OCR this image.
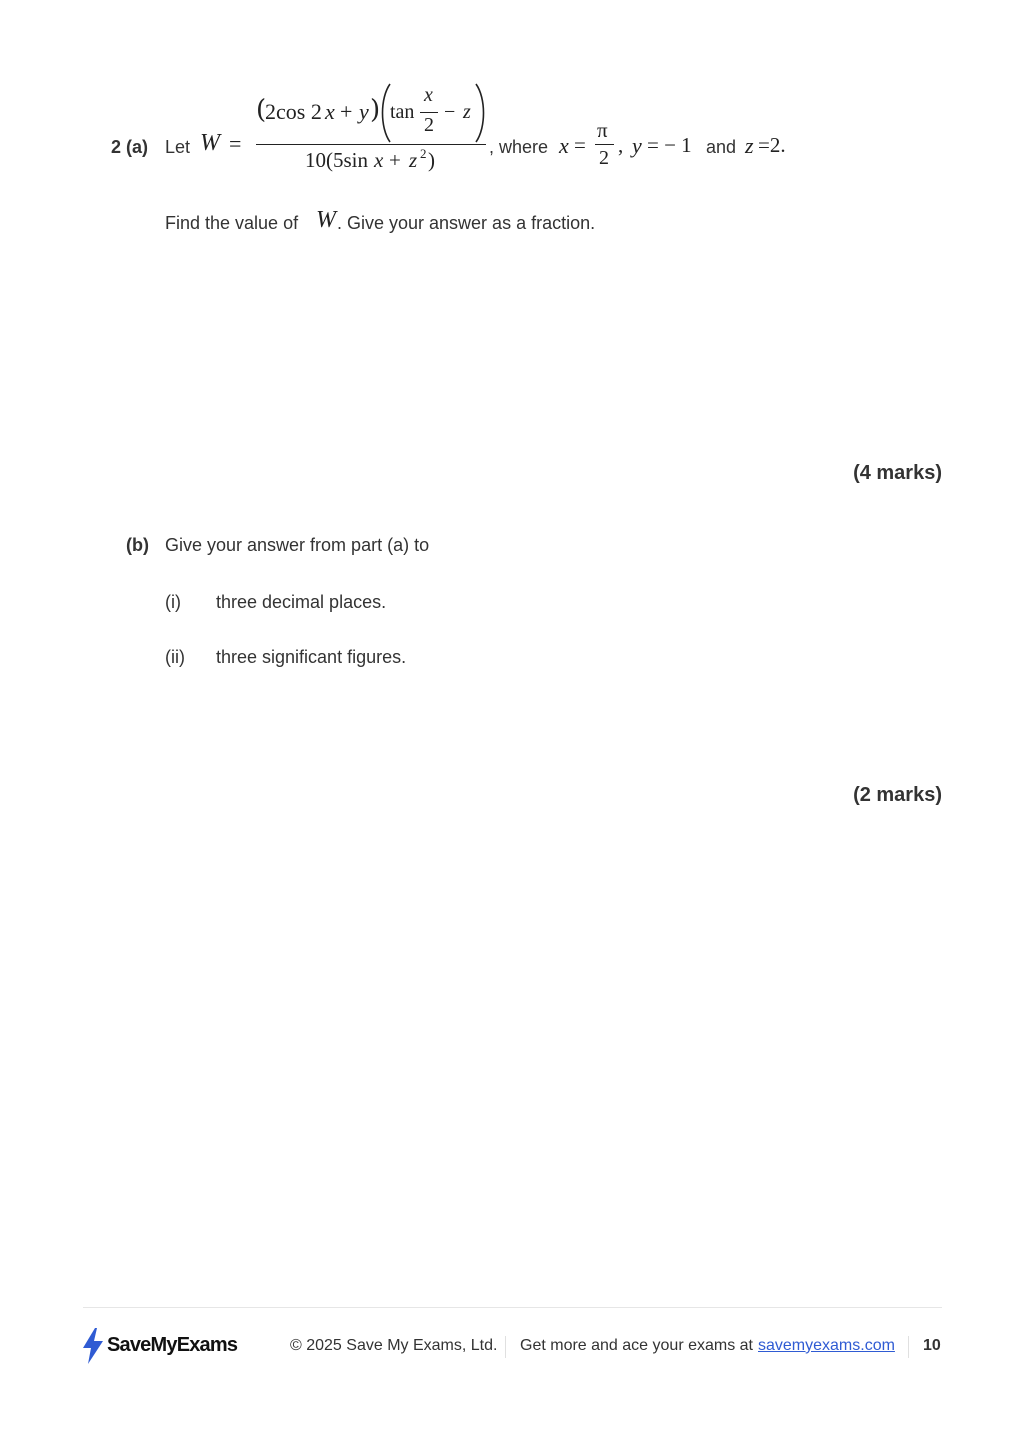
2 (a) Let W =
(
2cos 2 x + y ) tan
x
2
− z
10(5sin x + z 2 )
, where x =
π
2
, y = − 1 and z =2.
Find the value of W . Give your answer as a fraction.
(4 marks)
(b) Give your answer from part (a) to
(i) three decimal places.
(ii) three significant figures.
(2 marks)
SaveMyExams	© 2025 Save My Exams, Ltd. Get more and ace your exams at savemyexams.com 10
